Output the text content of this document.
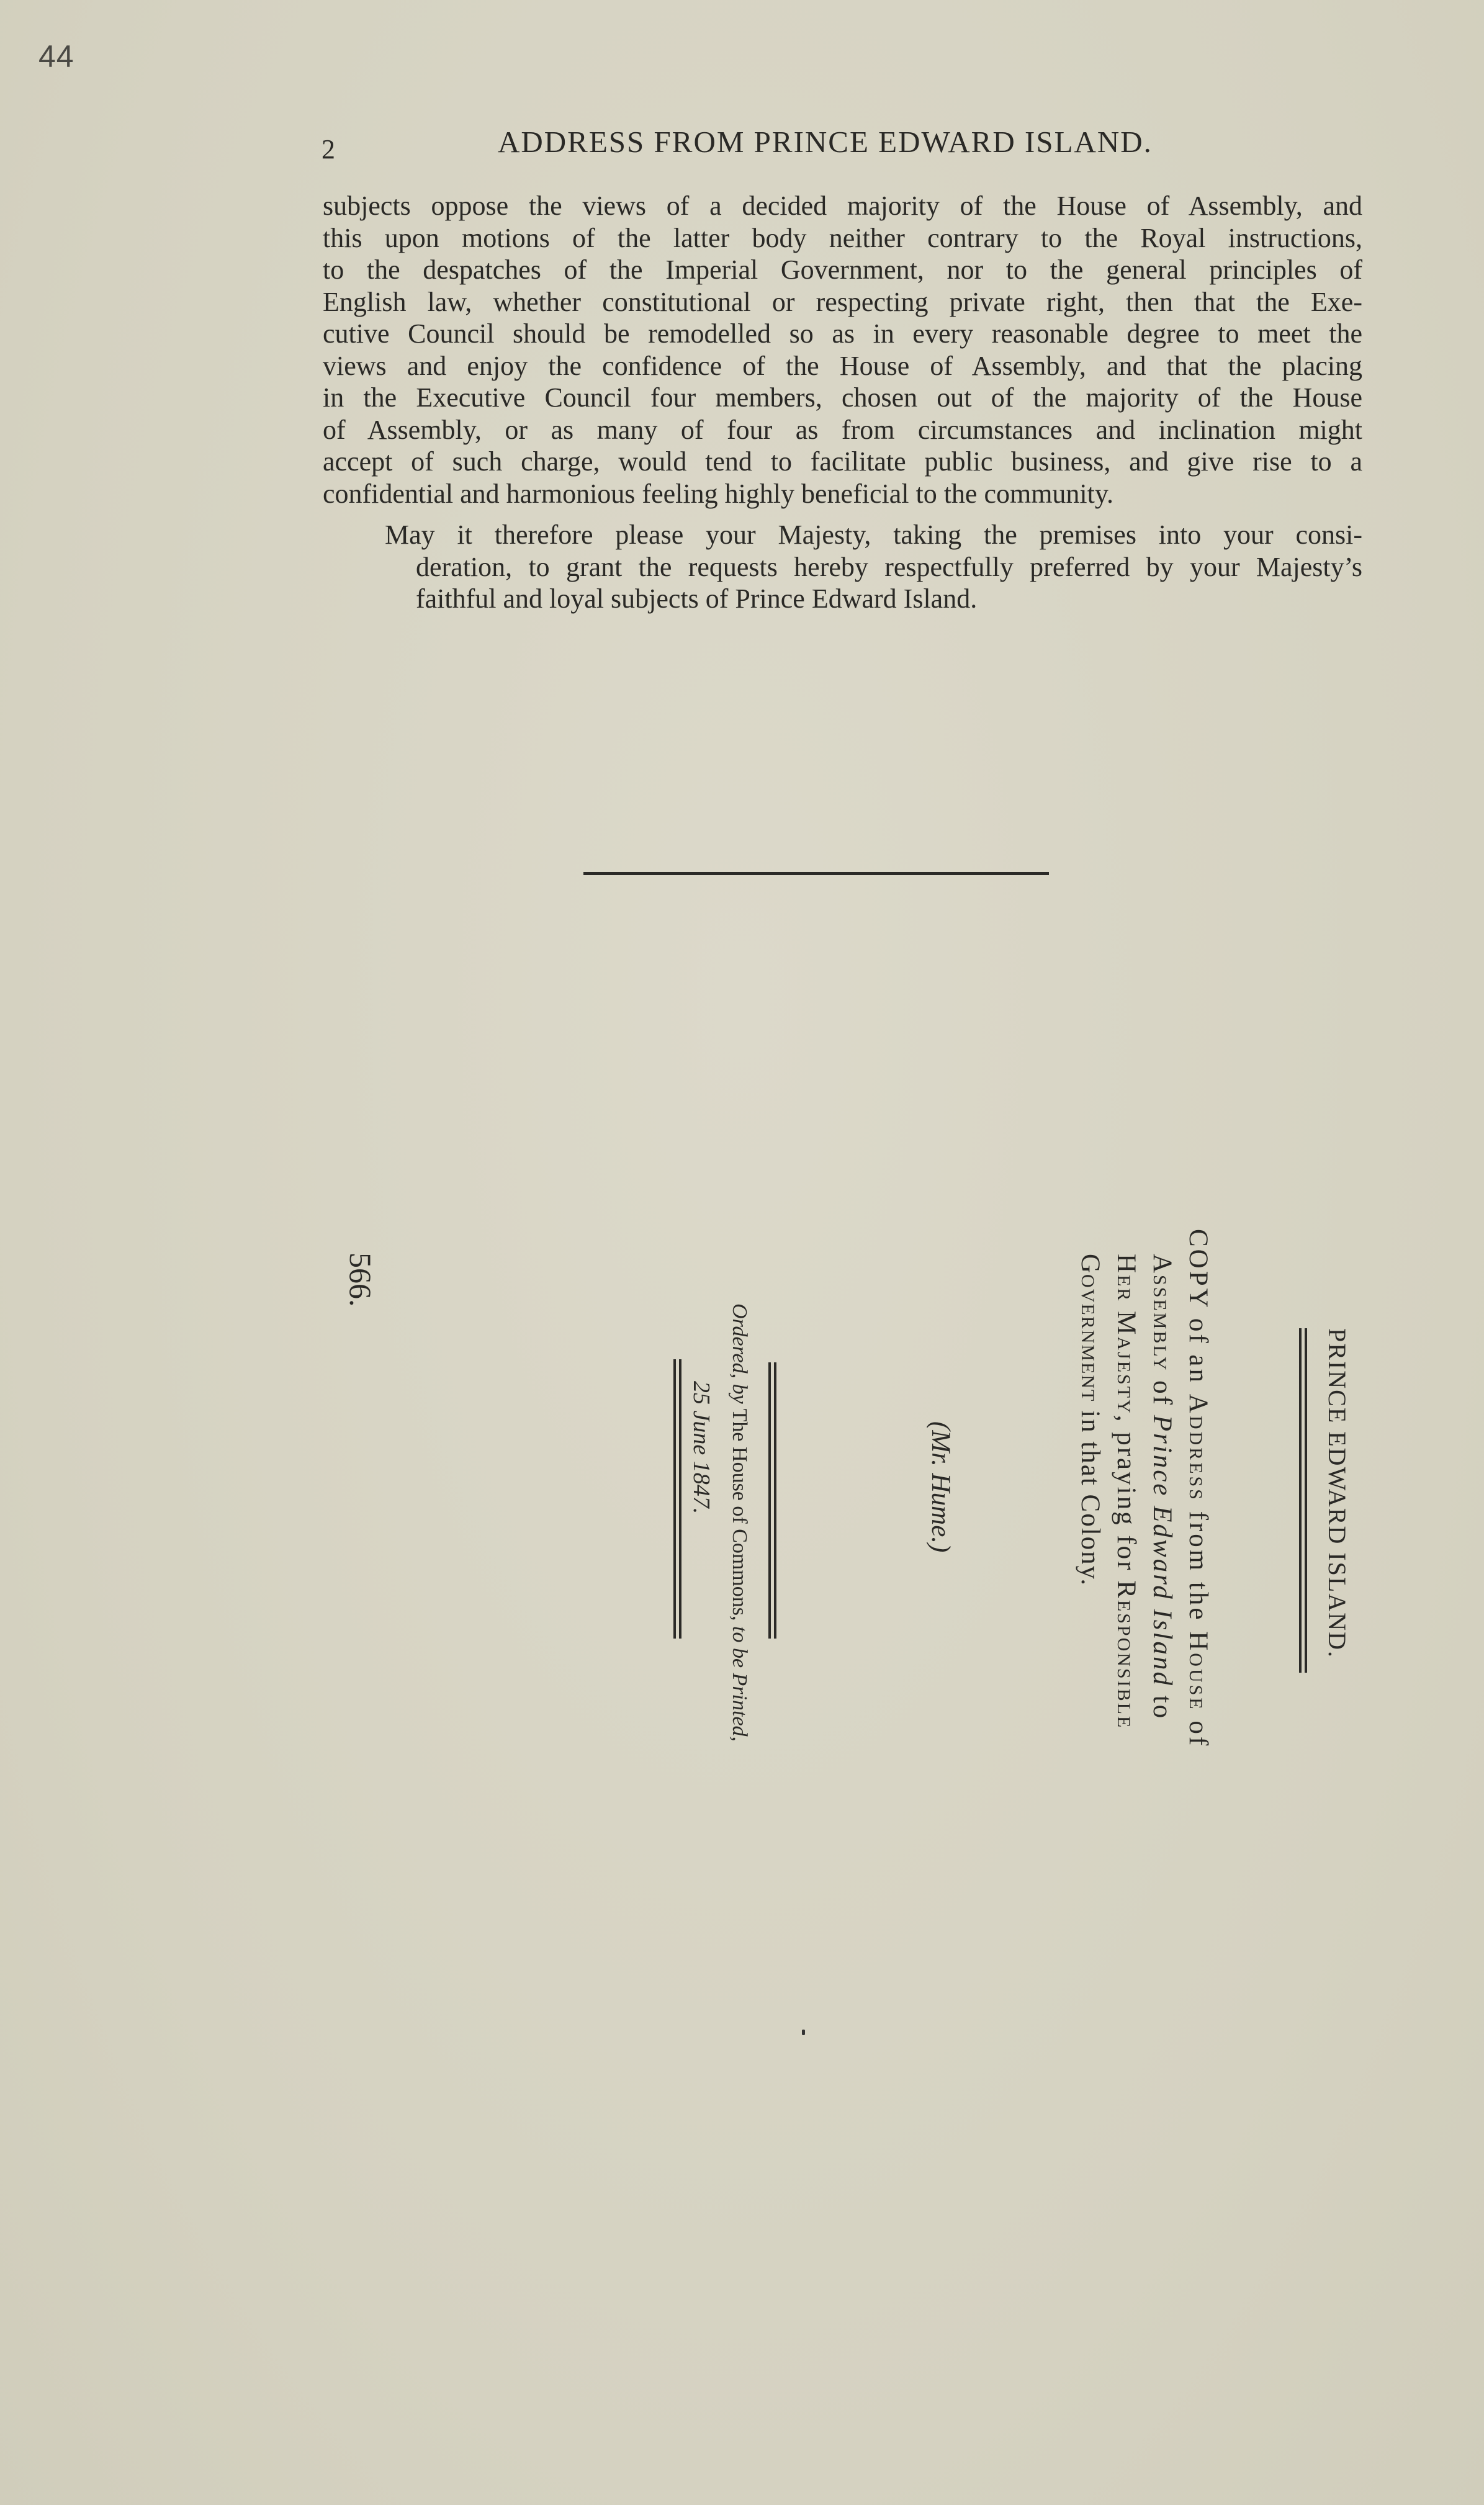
44
2	ADDRESS FROM PRINCE EDWARD ISLAND.
subjects oppose the views of a decided majority of the House of Assembly, and
this upon motions of the latter body neither contrary to the Royal instructions,
to the despatches of the Imperial Government, nor to the general principles of
English law, whether constitutional or respecting private right, then that the Exe-
cutive Council should be remodelled so as in every reasonable degree to meet the
views and enjoy the confidence of the House of Assembly, and that the placing
in the Executive Council four members, chosen out of the majority of the House
of Assembly, or as many of four as from circumstances and inclination might
accept of such charge, would tend to facilitate public business, and give rise to a
confidential and harmonious feeling highly beneficial to the community.
May it therefore please your Majesty, taking the premises into your consi-
deration, to grant the requests hereby respectfully preferred by your Majesty’s
faithful and loyal subjects of Prince Edward Island.
PRINCE EDWARD ISLAND.
COPY of an Address from the House of
Assembly of Prince Edward Island to
Her Majesty, praying for Responsible
Government in that Colony.
(Mr. Hume.)
Ordered, by The House of Commons, to be Printed,
25 June 1847.
566.
